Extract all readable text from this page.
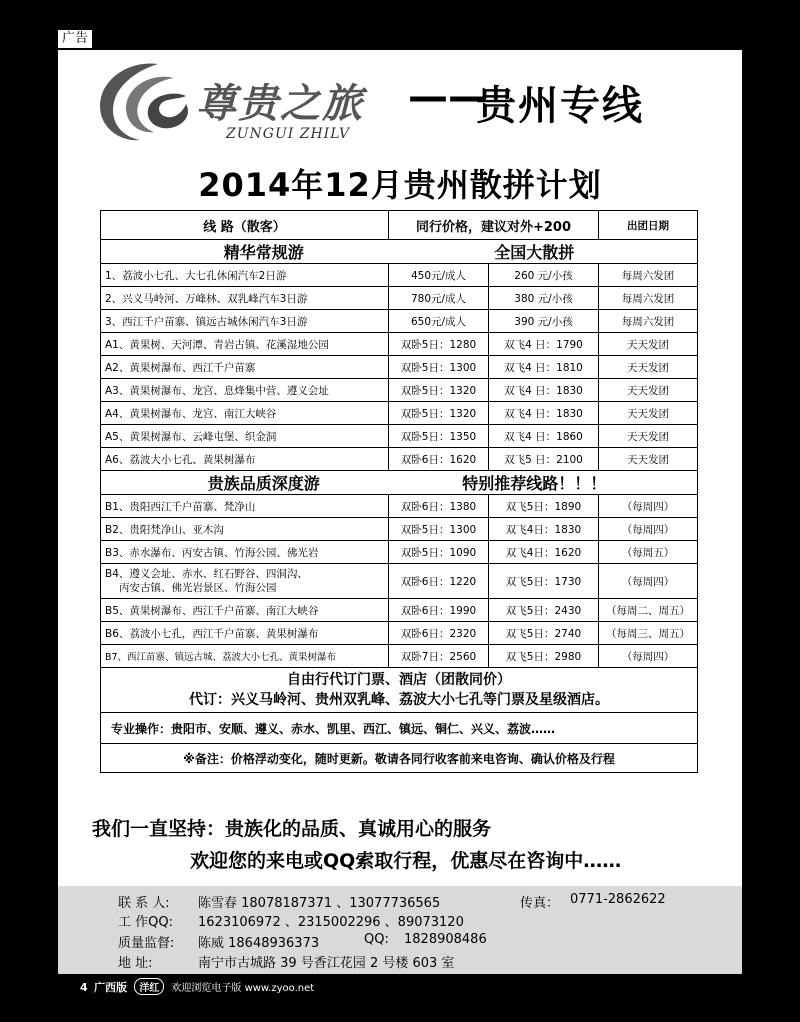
广告
尊贵之旅
ZUNGUI ZHILV
——
贵州专线
2014年12月贵州散拼计划
线 路（散客）	同行价格，建议对外+200		出团日期
精华常规游 全国大散拼			
1、荔波小七孔、大七孔休闲汽车2日游	450元/成人	260 元/小孩	每周六发团
2、兴义马岭河、万峰林、双乳峰汽车3日游	780元/成人	380 元/小孩	每周六发团
3、西江千户苗寨、镇远古城休闲汽车3日游	650元/成人	390 元/小孩	每周六发团
A1、黄果树、天河潭、青岩古镇、花溪湿地公园	双卧5日：1280	双飞4 日：1790	天天发团
A2、黄果树瀑布、西江千户苗寨	双卧5日：1300	双飞4 日：1810	天天发团
A3、黄果树瀑布、龙宫、息烽集中营、遵义会址	双卧5日：1320	双飞4 日：1830	天天发团
A4、黄果树瀑布、龙宫、南江大峡谷	双卧5日：1320	双飞4 日：1830	天天发团
A5、黄果树瀑布、云峰屯堡、织金洞	双卧5日：1350	双飞4 日：1860	天天发团
A6、荔波大小七孔、黄果树瀑布	双卧6日：1620	双飞5 日：2100	天天发团
贵族品质深度游 特别推荐线路！！！			
B1、贵阳西江千户苗寨、梵净山	双卧6日：1380	双飞5日：1890	（每周四）
B2、贵阳梵净山、亚木沟	双卧5日：1300	双飞4日：1830	（每周四）
B3、赤水瀑布、丙安古镇、竹海公园、佛光岩	双卧5日：1090	双飞4日：1620	（每周五）
B4、遵义会址、赤水、红石野谷、四洞沟、
丙安古镇、佛光岩景区、竹海公园	双卧6日：1220	双飞5日：1730	（每周四）
B5、黄果树瀑布、西江千户苗寨、南江大峡谷	双卧6日：1990	双飞5日：2430	（每周二、周五）
B6、荔波小七孔，西江千户苗寨、黄果树瀑布	双卧6日：2320	双飞5日：2740	（每周三、周五）
B7、西江苗寨、镇远古城、荔波大小七孔、黄果树瀑布	双卧7日：2560	双飞5日：2980	（每周四）
自由行代订门票、酒店（团散同价）
代订：兴义马岭河、贵州双乳峰、荔波大小七孔等门票及星级酒店。			
专业操作：贵阳市、安顺、遵义、赤水、凯里、西江、镇远、铜仁、兴义、荔波……			
※备注：价格浮动变化，随时更新。敬请各同行收客前来电咨询、确认价格及行程			
我们一直坚持：贵族化的品质、真诚用心的服务
欢迎您的来电或QQ索取行程，优惠尽在咨询中……
联 系 人: 陈雪春 18078187371 、13077736565	传真： 0771-2862622
工 作QQ: 1623106972 、2315002296 、89073120
质量监督: 陈威 18648936373	QQ: 1828908486
地 址:	南宁市古城路 39 号香江花园 2 号楼 603 室
4 广西版 洋红 欢迎浏览电子版 www.zyoo.net
